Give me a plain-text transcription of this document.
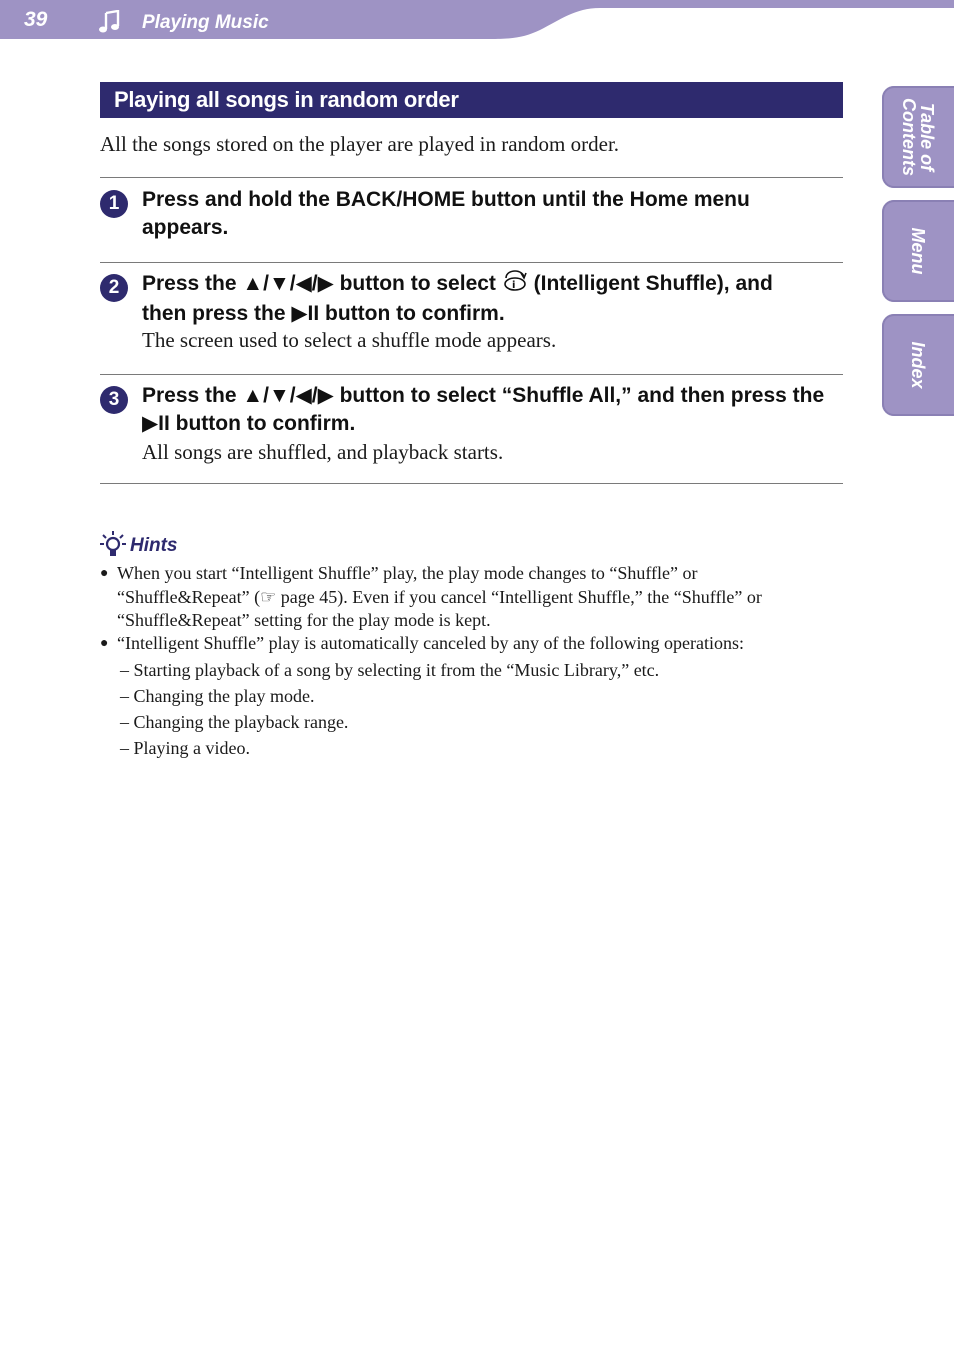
39	Playing Music
Table of
Contents
Menu
Index
Playing all songs in random order
All the songs stored on the player are played in random order.
1	Press and hold the BACK/HOME button until the Home menu
appears.
2	Press the ▲/▼/◀/▶ button to select i (Intelligent Shuffle), and
then press the ▶II button to confirm.
The screen used to select a shuffle mode appears.
3	Press the ▲/▼/◀/▶ button to select “Shuffle All,” and then press the
▶II button to confirm.
All songs are shuffled, and playback starts.
Hints
● When you start “Intelligent Shuffle” play, the play mode changes to “Shuffle” or
“Shuffle&Repeat” (☞ page 45). Even if you cancel “Intelligent Shuffle,” the “Shuffle” or
“Shuffle&Repeat” setting for the play mode is kept.
● “Intelligent Shuffle” play is automatically canceled by any of the following operations:
– Starting playback of a song by selecting it from the “Music Library,” etc.
– Changing the play mode.
– Changing the playback range.
– Playing a video.
